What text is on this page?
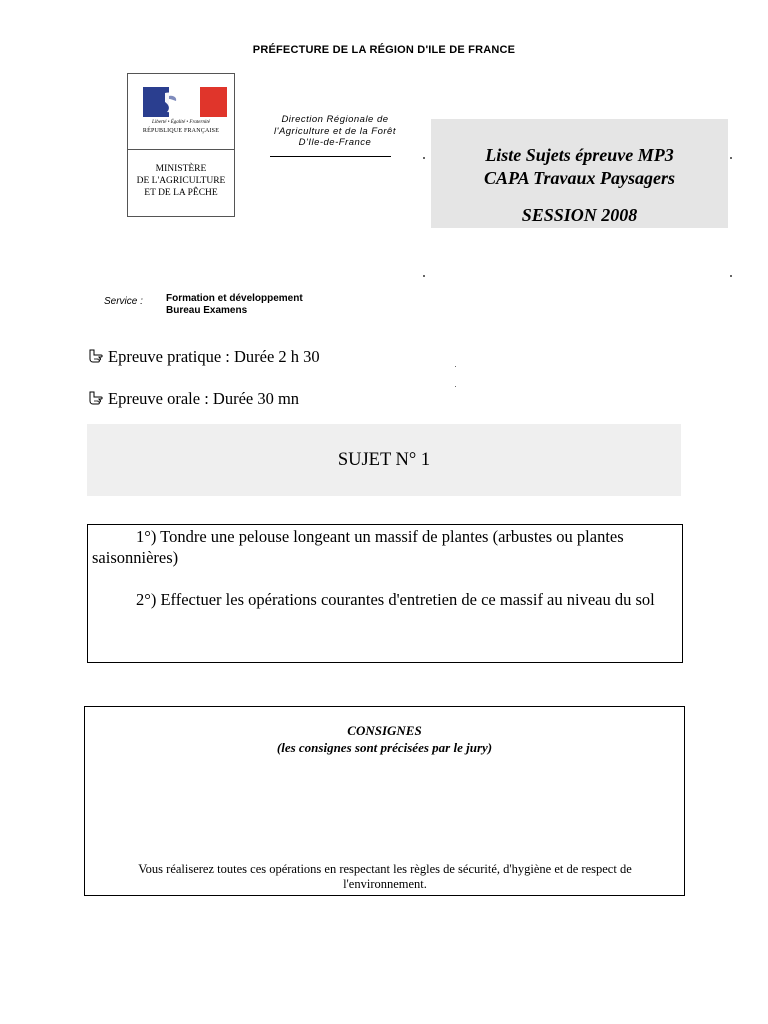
PRÉFECTURE DE LA RÉGION D'ILE DE FRANCE
Liberté • Égalité • Fraternité
RÉPUBLIQUE FRANÇAISE
MINISTÈRE
DE L'AGRICULTURE
ET DE LA PÊCHE
Direction Régionale de
l'Agriculture et de la Forêt
D'Ile-de-France
Liste Sujets épreuve MP3
CAPA Travaux Paysagers
SESSION 2008
Service : Formation et développement
Bureau Examens
Epreuve pratique : Durée 2 h 30
Epreuve orale : Durée 30 mn
SUJET N° 1
1°) Tondre une pelouse longeant un massif de plantes (arbustes ou plantes saisonnières)
2°) Effectuer les opérations courantes d'entretien de ce massif au niveau du sol
CONSIGNES
(les consignes sont précisées par le jury)
Vous réaliserez toutes ces opérations en respectant les règles de sécurité, d'hygiène et de respect de l'environnement.
